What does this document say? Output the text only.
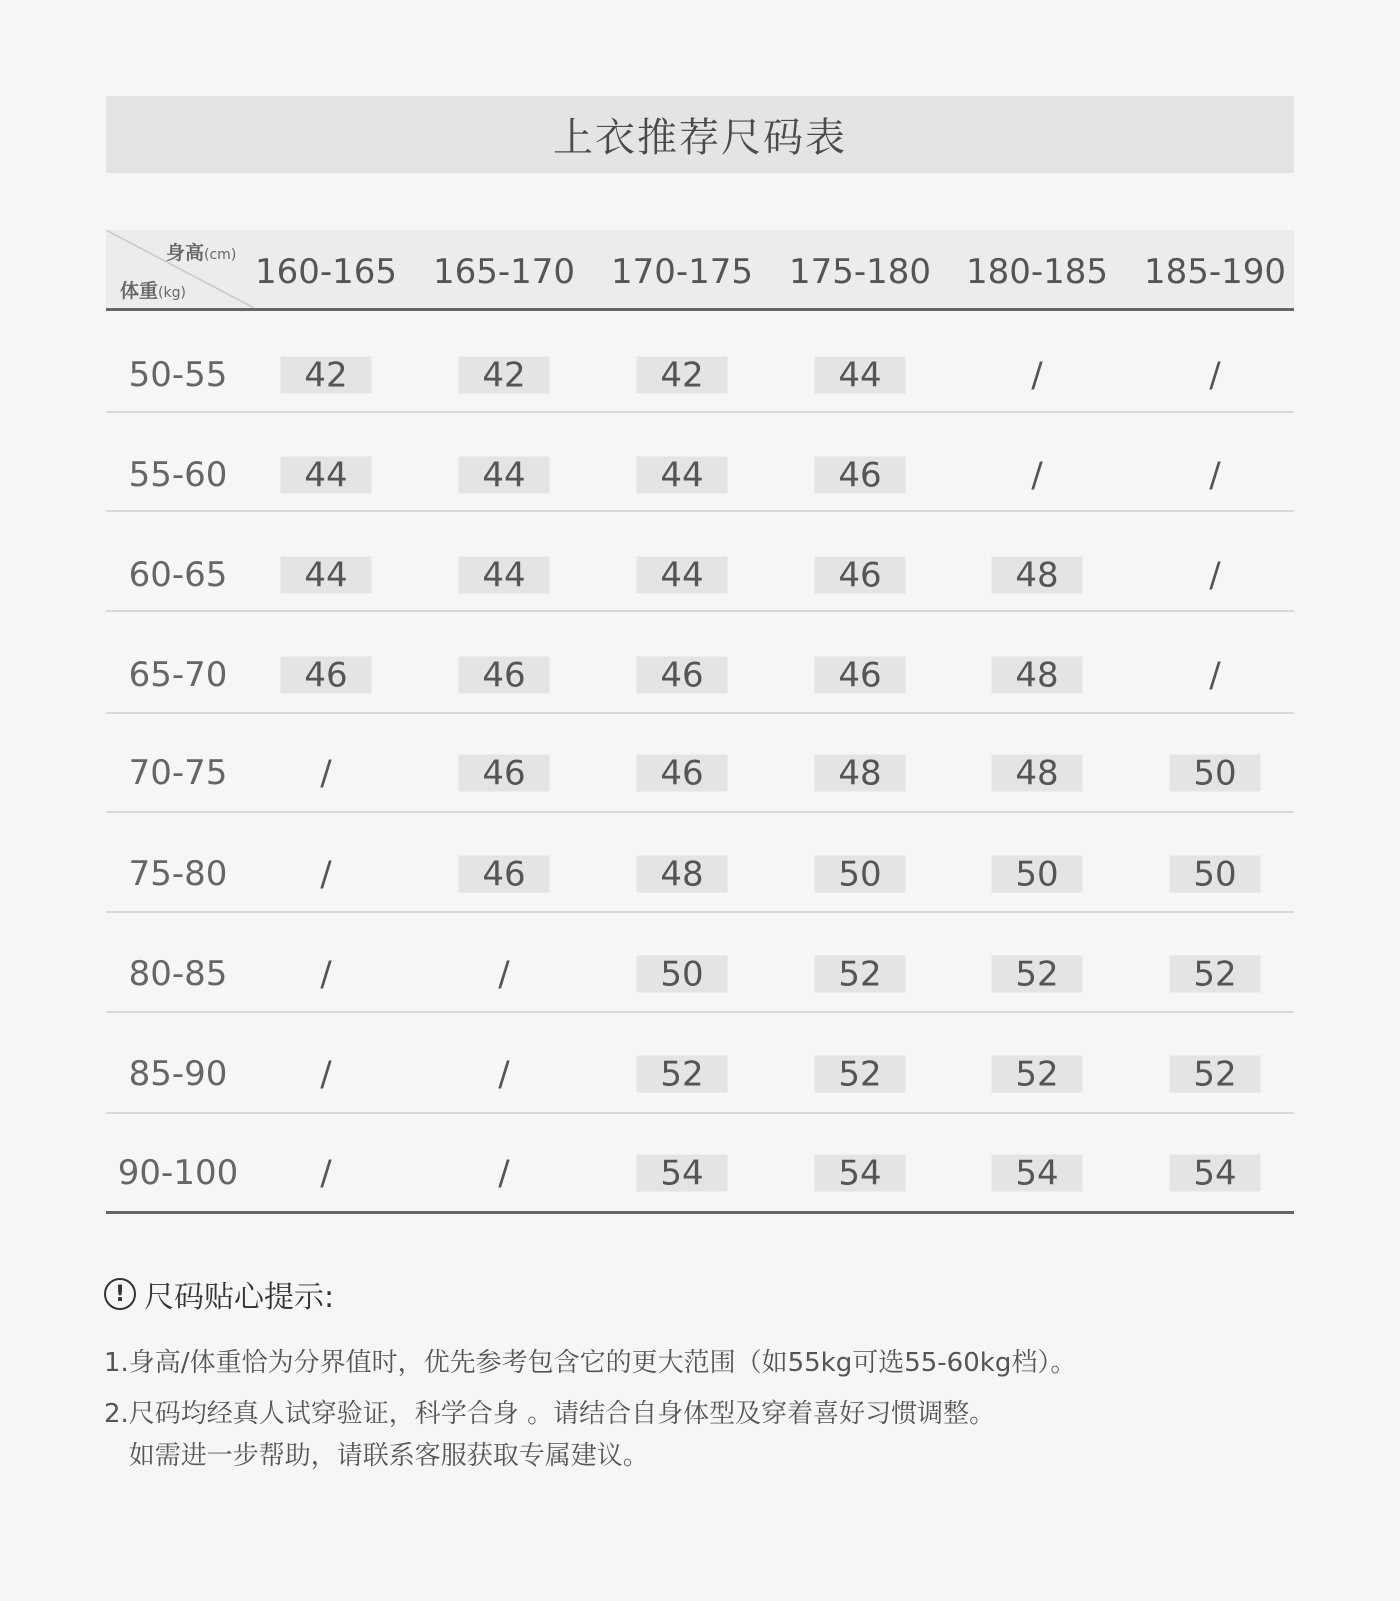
上衣推荐尺码表
身高(cm)
体重(kg)
160-165 165-170 170-175 175-180 180-185 185-190
50-55	42	42	42	44	/	/
55-60	44	44	44	46	/	/
60-65	44	44	44	46	48	/
65-70	46	46	46	46	48	/
70-75	/	46	46	48	48	50
75-80	/	46	48	50	50	50
80-85	/	/	50	52	52	52
85-90	/	/	52	52	52	52
90-100	/	/	54	54	54	54
! 尺码贴心提示:
1.身高/体重恰为分界值时，优先参考包含它的更大范围（如55kg可选55-60kg档）。
2.尺码均经真人试穿验证，科学合身 。请结合自身体型及穿着喜好习惯调整。
如需进一步帮助，请联系客服获取专属建议。
